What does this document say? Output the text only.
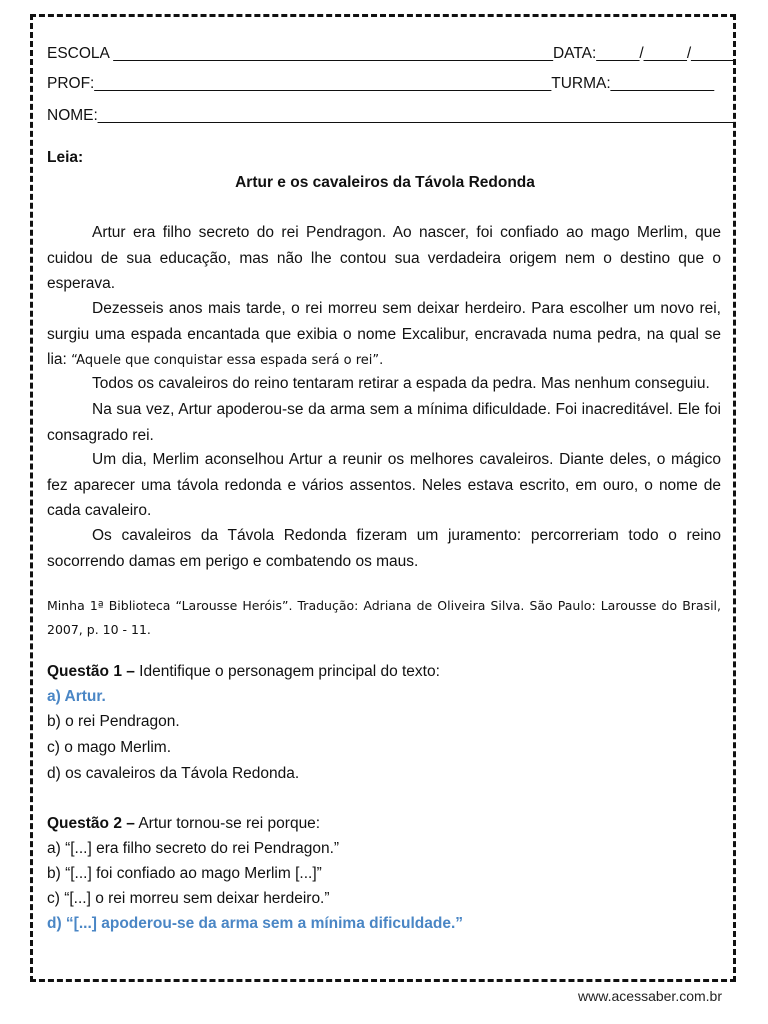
ESCOLA ___________________________________________________DATA:_____/_____/_____
PROF:_____________________________________________________TURMA:____________
NOME:__________________________________________________________________________
Leia:
Artur e os cavaleiros da Távola Redonda
Artur era filho secreto do rei Pendragon. Ao nascer, foi confiado ao mago Merlim, que cuidou de sua educação, mas não lhe contou sua verdadeira origem nem o destino que o esperava.
Dezesseis anos mais tarde, o rei morreu sem deixar herdeiro. Para escolher um novo rei, surgiu uma espada encantada que exibia o nome Excalibur, encravada numa pedra, na qual se lia: “Aquele que conquistar essa espada será o rei”.
Todos os cavaleiros do reino tentaram retirar a espada da pedra. Mas nenhum conseguiu.
Na sua vez, Artur apoderou-se da arma sem a mínima dificuldade. Foi inacreditável. Ele foi consagrado rei.
Um dia, Merlim aconselhou Artur a reunir os melhores cavaleiros. Diante deles, o mágico fez aparecer uma távola redonda e vários assentos. Neles estava escrito, em ouro, o nome de cada cavaleiro.
Os cavaleiros da Távola Redonda fizeram um juramento: percorreriam todo o reino socorrendo damas em perigo e combatendo os maus.
Minha 1ª Biblioteca “Larousse Heróis”. Tradução: Adriana de Oliveira Silva. São Paulo: Larousse do Brasil, 2007, p. 10 - 11.
Questão 1 – Identifique o personagem principal do texto:
a) Artur.
b) o rei Pendragon.
c) o mago Merlim.
d) os cavaleiros da Távola Redonda.
Questão 2 – Artur tornou-se rei porque:
a) “[...] era filho secreto do rei Pendragon.”
b) “[...] foi confiado ao mago Merlim [...]”
c) “[...] o rei morreu sem deixar herdeiro.”
d) “[...] apoderou-se da arma sem a mínima dificuldade.”
www.acessaber.com.br
